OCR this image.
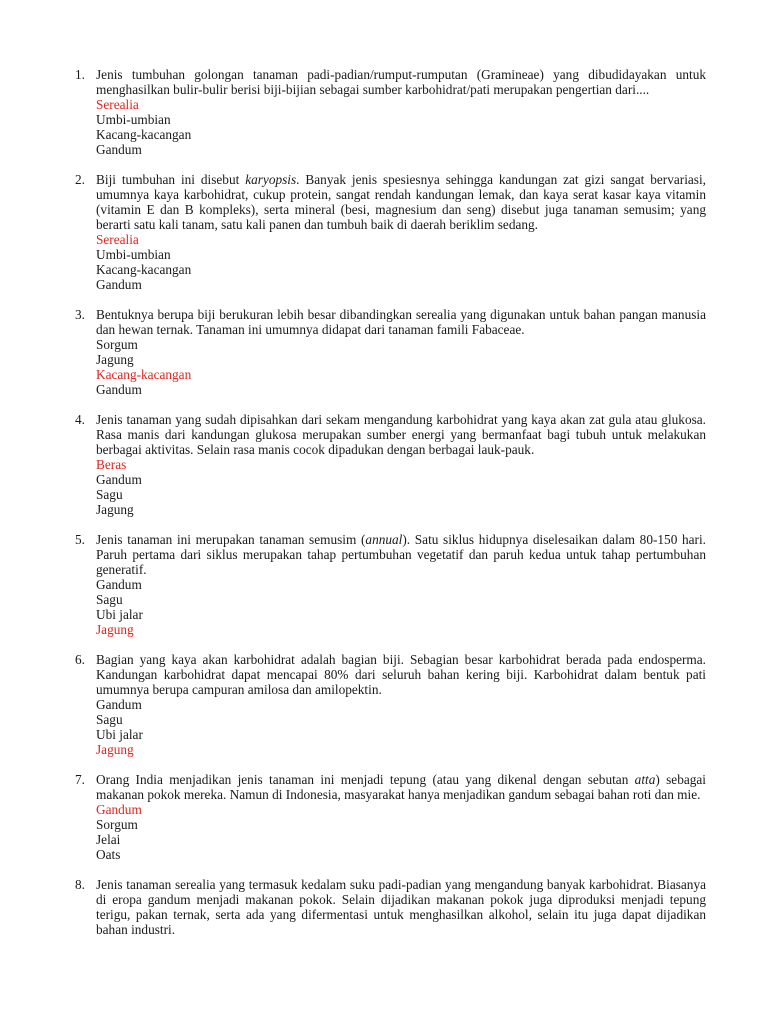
1. Jenis tumbuhan golongan tanaman padi-padian/rumput-rumputan (Gramineae) yang dibudidayakan untuk menghasilkan bulir-bulir berisi biji-bijian sebagai sumber karbohidrat/pati merupakan pengertian dari....
Serealia
Umbi-umbian
Kacang-kacangan
Gandum
2. Biji tumbuhan ini disebut karyopsis. Banyak jenis spesiesnya sehingga kandungan zat gizi sangat bervariasi, umumnya kaya karbohidrat, cukup protein, sangat rendah kandungan lemak, dan kaya serat kasar kaya vitamin (vitamin E dan B kompleks), serta mineral (besi, magnesium dan seng) disebut juga tanaman semusim; yang berarti satu kali tanam, satu kali panen dan tumbuh baik di daerah beriklim sedang.
Serealia
Umbi-umbian
Kacang-kacangan
Gandum
3. Bentuknya berupa biji berukuran lebih besar dibandingkan serealia yang digunakan untuk bahan pangan manusia dan hewan ternak. Tanaman ini umumnya didapat dari tanaman famili Fabaceae.
Sorgum
Jagung
Kacang-kacangan
Gandum
4. Jenis tanaman yang sudah dipisahkan dari sekam mengandung karbohidrat yang kaya akan zat gula atau glukosa. Rasa manis dari kandungan glukosa merupakan sumber energi yang bermanfaat bagi tubuh untuk melakukan berbagai aktivitas. Selain rasa manis cocok dipadukan dengan berbagai lauk-pauk.
Beras
Gandum
Sagu
Jagung
5. Jenis tanaman ini merupakan tanaman semusim (annual). Satu siklus hidupnya diselesaikan dalam 80-150 hari. Paruh pertama dari siklus merupakan tahap pertumbuhan vegetatif dan paruh kedua untuk tahap pertumbuhan generatif.
Gandum
Sagu
Ubi jalar
Jagung
6. Bagian yang kaya akan karbohidrat adalah bagian biji. Sebagian besar karbohidrat berada pada endosperma. Kandungan karbohidrat dapat mencapai 80% dari seluruh bahan kering biji. Karbohidrat dalam bentuk pati umumnya berupa campuran amilosa dan amilopektin.
Gandum
Sagu
Ubi jalar
Jagung
7. Orang India menjadikan jenis tanaman ini menjadi tepung (atau yang dikenal dengan sebutan atta) sebagai makanan pokok mereka. Namun di Indonesia, masyarakat hanya menjadikan gandum sebagai bahan roti dan mie.
Gandum
Sorgum
Jelai
Oats
8. Jenis tanaman serealia yang termasuk kedalam suku padi-padian yang mengandung banyak karbohidrat. Biasanya di eropa gandum menjadi makanan pokok. Selain dijadikan makanan pokok juga diproduksi menjadi tepung terigu, pakan ternak, serta ada yang difermentasi untuk menghasilkan alkohol, selain itu juga dapat dijadikan bahan industri.
